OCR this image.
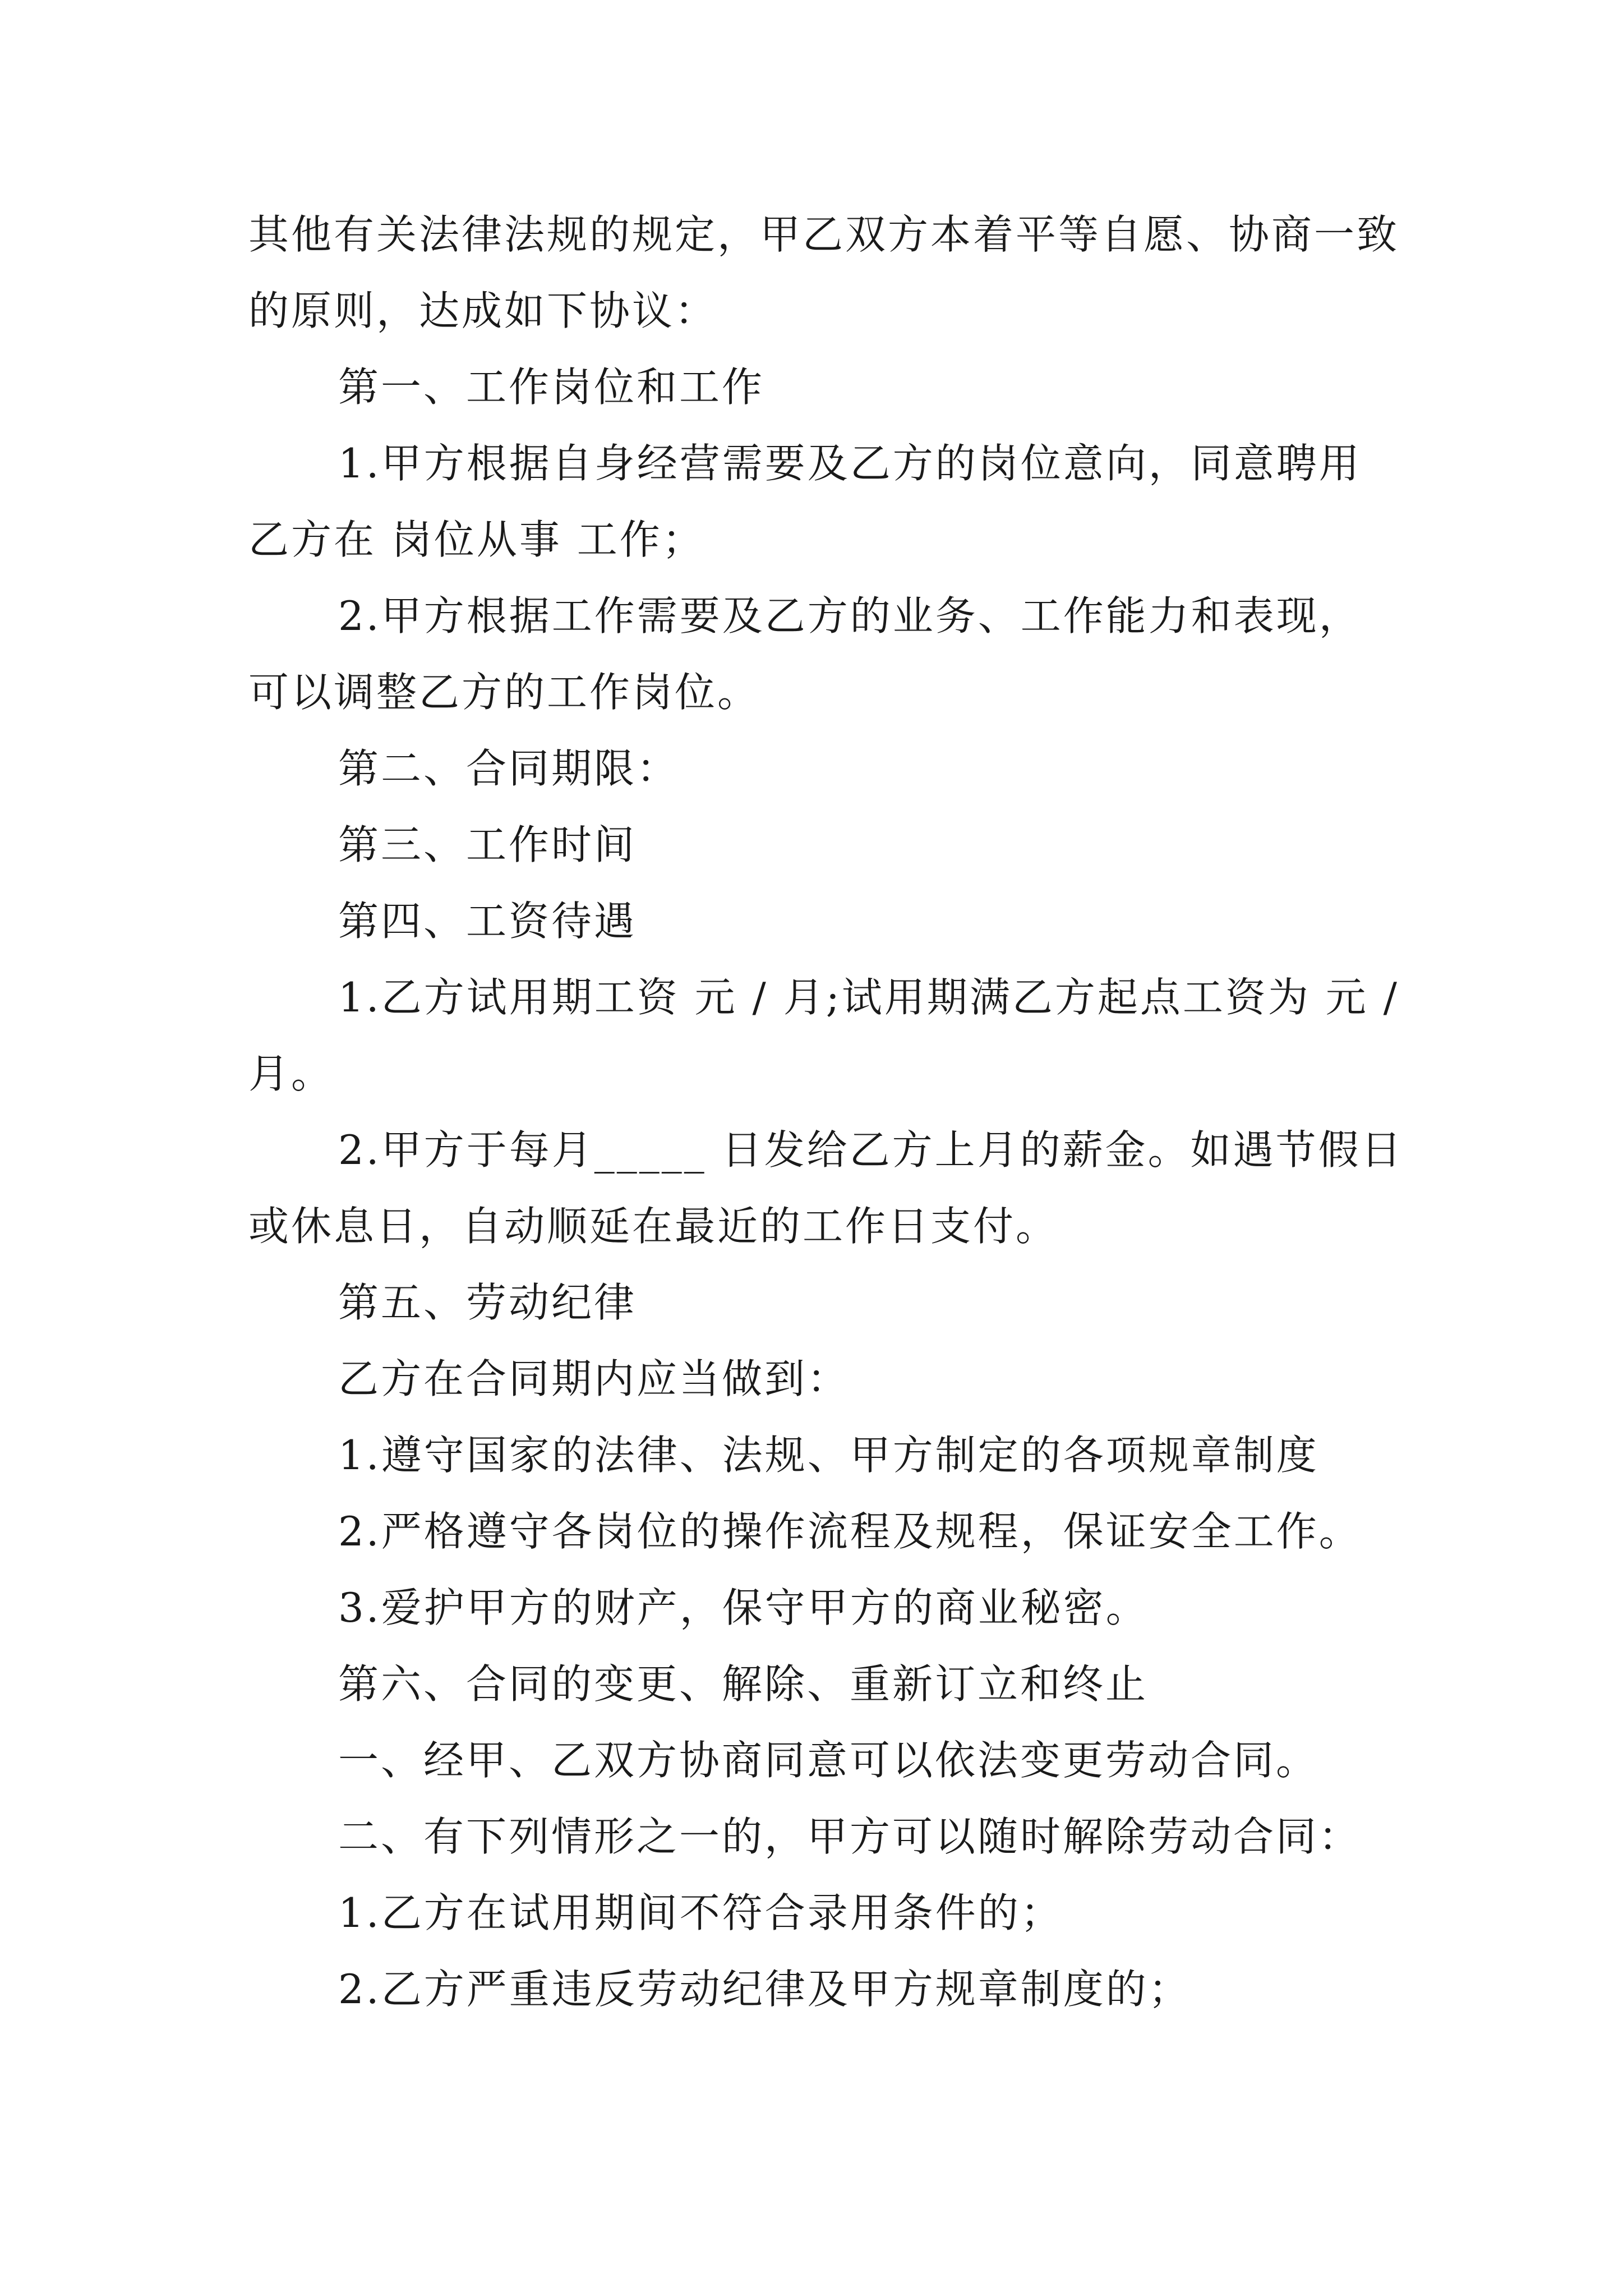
其他有关法律法规的规定，甲乙双方本着平等自愿、协商一致的原则，达成如下协议：

第一、工作岗位和工作

1.甲方根据自身经营需要及乙方的岗位意向，同意聘用乙方在 岗位从事 工作；

2.甲方根据工作需要及乙方的业务、工作能力和表现，可以调整乙方的工作岗位。

第二、合同期限：

第三、工作时间

第四、工资待遇

1.乙方试用期工资 元 / 月;试用期满乙方起点工资为 元 / 月。

2.甲方于每月_____ 日发给乙方上月的薪金。如遇节假日或休息日，自动顺延在最近的工作日支付。

第五、劳动纪律

乙方在合同期内应当做到：

1.遵守国家的法律、法规、甲方制定的各项规章制度

2.严格遵守各岗位的操作流程及规程，保证安全工作。

3.爱护甲方的财产，保守甲方的商业秘密。

第六、合同的变更、解除、重新订立和终止

一、经甲、乙双方协商同意可以依法变更劳动合同。

二、有下列情形之一的，甲方可以随时解除劳动合同：

1.乙方在试用期间不符合录用条件的；

2.乙方严重违反劳动纪律及甲方规章制度的；
